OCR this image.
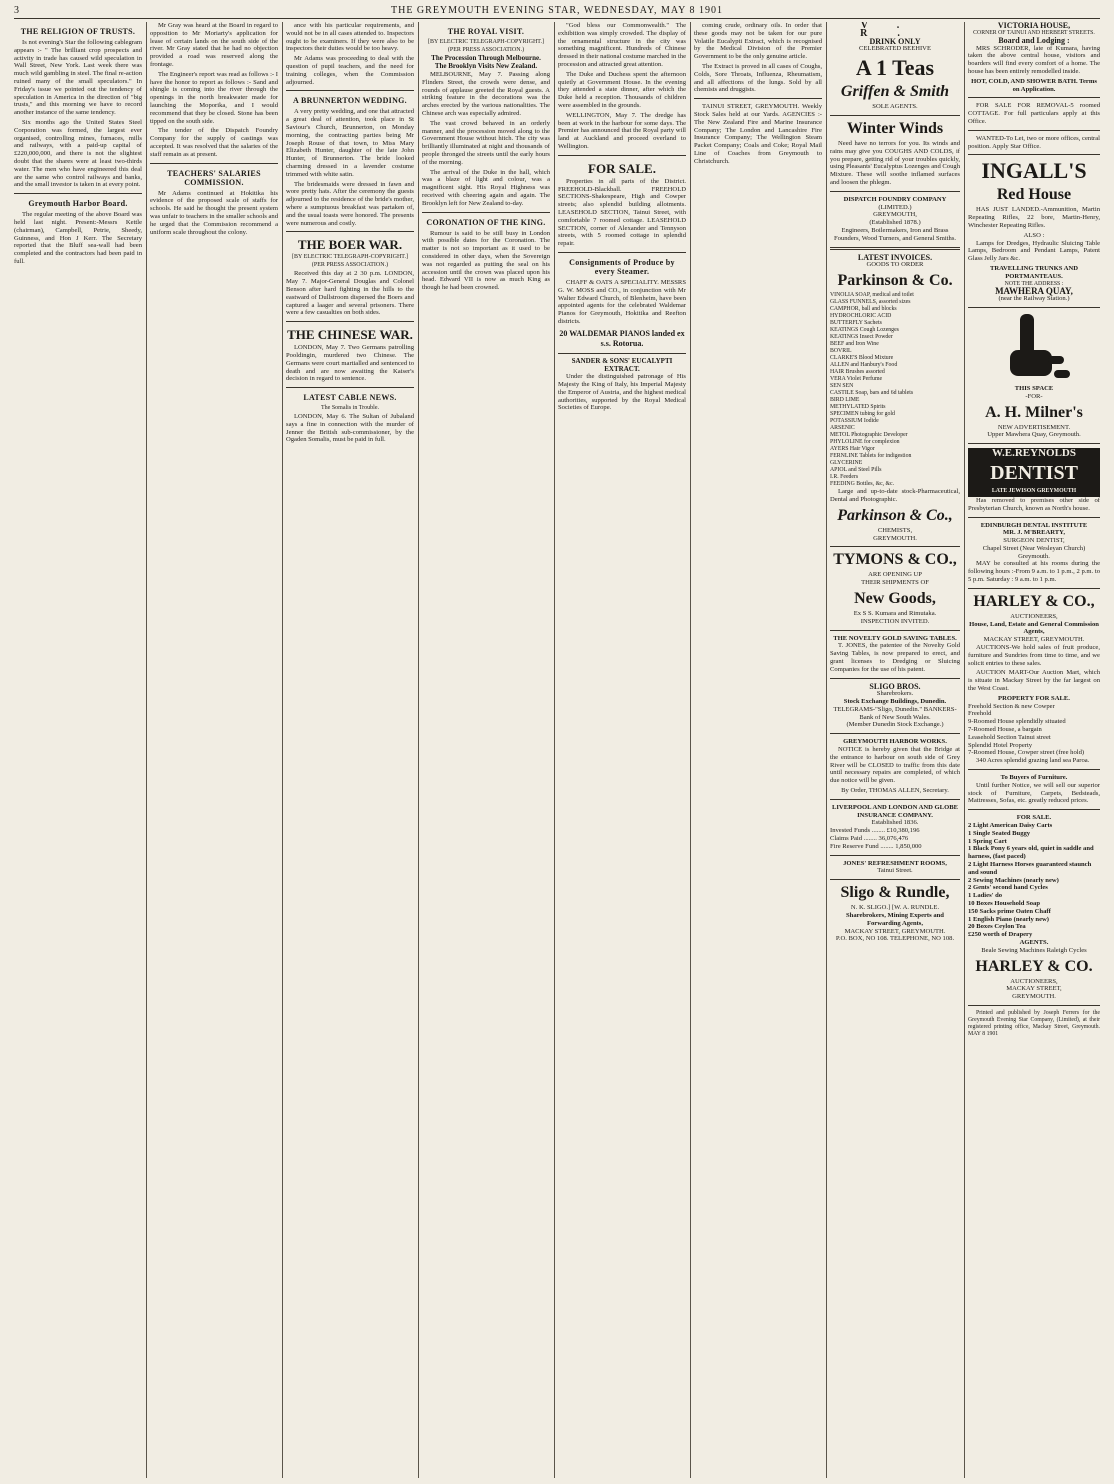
3	THE GREYMOUTH EVENING STAR, WEDNESDAY, MAY 8 1901
THE RELIGION OF TRUSTS.

Is not evening's Star the following cablegram appears :- " The brilliant crop prospects and activity in trade has caused wild speculation in Wall Street, New York. Last week there was much wild gambling in steel. The final re-action ruined many of the small speculators." In Friday's issue we pointed out the tendency of speculation in America in the direction of "big trusts," and this morning we have to record another instance of the same tendency.

Six months ago the United States Steel Corporation was formed, the largest ever organised, controlling mines, furnaces, mills and railways, with a paid-up capital of £220,000,000, and there is not the slightest doubt that the shares were at least two-thirds water. The men who have engineered this deal are the same who control railways and banks, and the small investor is taken in at every point.

Greymouth Harbor Board.

The regular meeting of the above Board was held last night. Present:-Messrs Kettle (chairman), Campbell, Petrie, Sheedy, Guinness, and Hon J Kerr. The Secretary reported that the Bluff sea-wall had been completed and the contractors had been paid in full.

Mr Gray was heard at the Board in regard to opposition to Mr Moriarty's application for lease of certain lands on the south side of the river. Mr Gray stated that he had no objection provided a road was reserved along the frontage.

The Engineer's report was read as follows :- I have the honor to report as follows :- Sand and shingle is coming into the river through the openings in the north breakwater made for launching the Moporika, and I would recommend that they be closed. Stone has been tipped on the south side.

The tender of the Dispatch Foundry Company for the supply of castings was accepted. It was resolved that the salaries of the staff remain as at present.

TEACHERS' SALARIES COMMISSION.

Mr Adams continued at Hokitika his evidence of the proposed scale of staffs for schools. He said he thought the present system was unfair to teachers in the smaller schools and he urged that the Commission recommend a uniform scale throughout the colony.

ance with his particular requirements, and would not be in all cases attended to. Inspectors ought to be examiners. If they were also to be inspectors their duties would be too heavy.

Mr Adams was proceeding to deal with the question of pupil teachers, and the need for training colleges, when the Commission adjourned.

A BRUNNERTON WEDDING.

A very pretty wedding, and one that attracted a great deal of attention, took place in St Saviour's Church, Brunnerton, on Monday morning, the contracting parties being Mr Joseph Rouse of that town, to Miss Mary Elizabeth Hunter, daughter of the late John Hunter, of Brunnerton. The bride looked charming dressed in a lavender costume trimmed with white satin.

The bridesmaids were dressed in fawn and wore pretty hats. After the ceremony the guests adjourned to the residence of the bride's mother, where a sumptuous breakfast was partaken of, and the usual toasts were honored. The presents were numerous and costly.

THE BOER WAR.
[BY ELECTRIC TELEGRAPH-COPYRIGHT.]
(PER PRESS ASSOCIATION.)

Received this day at 2 30 p.m. LONDON, May 7. Major-General Douglas and Colonel Benson after hard fighting in the hills to the eastward of Dullstroom dispersed the Boers and captured a laager and several prisoners. There were a few casualties on both sides.

THE CHINESE WAR.

LONDON, May 7. Two Germans patrolling Pooldingin, murdered two Chinese. The Germans were court martialled and sentenced to death and are now awaiting the Kaiser's decision in regard to sentence.

LATEST CABLE NEWS.
The Somalis in Trouble.

LONDON, May 6. The Sultan of Jubaland says a fine in connection with the murder of Jenner the British sub-commissioner, by the Ogaden Somalis, must be paid in full.

THE ROYAL VISIT.
[BY ELECTRIC TELEGRAPH-COPYRIGHT.]
(PER PRESS ASSOCIATION.)
The Procession Through Melbourne.
The Brooklyn Visits New Zealand.

MELBOURNE, May 7. Passing along Flinders Street, the crowds were dense, and rounds of applause greeted the Royal guests. A striking feature in the decorations was the arches erected by the various nationalities. The Chinese arch was especially admired.

The vast crowd behaved in an orderly manner, and the procession moved along to the Government House without hitch. The city was brilliantly illuminated at night and thousands of people thronged the streets until the early hours of the morning.

The arrival of the Duke in the hall, which was a blaze of light and colour, was a magnificent sight. His Royal Highness was received with cheering again and again. The Brooklyn left for New Zealand to-day.

CORONATION OF THE KING.

Rumour is said to be still busy in London with possible dates for the Coronation. The matter is not so important as it used to be considered in other days, when the Sovereign was not regarded as putting the seal on his accession until the crown was placed upon his head. Edward VII is now as much King as though he had been crowned.

"God bless our Commonwealth." The exhibition was simply crowded. The display of the ornamental structure in the city was something magnificent. Hundreds of Chinese dressed in their national costume marched in the procession and attracted great attention.

The Duke and Duchess spent the afternoon quietly at Government House. In the evening they attended a state dinner, after which the Duke held a reception. Thousands of children were assembled in the grounds.

WELLINGTON, May 7. The dredge has been at work in the harbour for some days. The Premier has announced that the Royal party will land at Auckland and proceed overland to Wellington.

FOR SALE.

Properties in all parts of the District. FREEHOLD-Blackball. FREEHOLD SECTIONS-Shakespeare, High and Cowper streets; also splendid building allotments. LEASEHOLD SECTION, Tainui Street, with comfortable 7 roomed cottage. LEASEHOLD SECTION, corner of Alexander and Tennyson streets, with 5 roomed cottage in splendid repair.

Consignments of Produce by every Steamer.

CHAFF & OATS A SPECIALITY. MESSRS G. W. MOSS and CO., in conjunction with Mr Walter Edward Church, of Blenheim, have been appointed agents for the celebrated Waldemar Pianos for Greymouth, Hokitika and Reefton districts.

20 WALDEMAR PIANOS landed ex s.s. Rotorua.
SANDER & SONS' EUCALYPTI EXTRACT.

Under the distinguished patronage of His Majesty the King of Italy, his Imperial Majesty the Emperor of Austria, and the highest medical authorities, supported by the Royal Medical Societies of Europe.

coming crude, ordinary oils. In order that these goods may not be taken for our pure Volatile Eucalypti Extract, which is recognised by the Medical Division of the Premier Government to be the only genuine article.

The Extract is proved in all cases of Coughs, Colds, Sore Throats, Influenza, Rheumatism, and all affections of the lungs. Sold by all chemists and druggists.

TAINUI STREET, GREYMOUTH. Weekly Stock Sales held at our Yards. AGENCIES :-The New Zealand Fire and Marine Insurance Company; The London and Lancashire Fire Insurance Company; The Wellington Steam Packet Company; Coals and Coke; Royal Mail Line of Coaches from Greymouth to Christchurch.

V. R.
DRINK ONLY
CELEBRATED BEEHIVE
A 1 Teas
Griffen & Smith
SOLE AGENTS.
Winter Winds

Need have no terrors for you. Its winds and rains may give you COUGHS AND COLDS, if you prepare, getting rid of your troubles quickly, using Pleasants' Eucalyptus Lozenges and Cough Mixture. These will soothe inflamed surfaces and loosen the phlegm.

DISPATCH FOUNDRY COMPANY
(LIMITED.)
GREYMOUTH,
(Established 1878.)
Engineers, Boilermakers, Iron and Brass Founders, Wood Turners, and General Smiths.
LATEST INVOICES.
GOODS TO ORDER
Parkinson & Co.
VINOLIA SOAP, medical and toilet
GLASS FUNNELS, assorted sizes
CAMPHOR, ball and blocks
HYDROCHLORIC ACID
BUTTERFLY Sachets
KEATINGS Cough Lozenges
KEATINGS Insect Powder
BEEF and Iron Wine
BOVRIL
CLARKE'S Blood Mixture
ALLEN and Hanbury's Food
HAIR Brushes assorted
VERA Violet Perfume
SEN SEN
CASTILE Soap, bars and 6d tablets
BIRD LIME
METHYLATED Spirits
SPECIMEN tubing for gold
POTASSIUM Iodide
ARSENIC
METOL Photographic Developer
PHYLOLINE for complexion
AYERS Hair Vigor
FERNLINE Tablets for indigestion
GLYCERINE
APIOL and Steel Pills
I.R. Feeders
FEEDING Bottles, &c, &c.

Large and up-to-date stock-Pharmaceutical, Dental and Photographic.

Parkinson & Co.,
CHEMISTS,
GREYMOUTH.
TYMONS & CO.,
ARE OPENING UP
THEIR SHIPMENTS OF
New Goods,
Ex S S. Kumara and Rimutaka.
INSPECTION INVITED.
THE NOVELTY GOLD SAVING TABLES.

T. JONES, the patentee of the Novelty Gold Saving Tables, is now prepared to erect, and grant licenses to Dredging or Sluicing Companies for the use of his patent.

SLIGO BROS.
Sharebrokers.
Stock Exchange Buildings, Dunedin.
TELEGRAMS-"Sligo, Dunedin." BANKERS-Bank of New South Wales.
(Member Dunedin Stock Exchange.)
GREYMOUTH HARBOR WORKS.

NOTICE is hereby given that the Bridge at the entrance to harbour on south side of Grey River will be CLOSED to traffic from this date until necessary repairs are completed, of which due notice will be given.

By Order, THOMAS ALLEN, Secretary.
LIVERPOOL AND LONDON AND GLOBE INSURANCE COMPANY.
Established 1836.
Invested Funds ........ £10,380,196
Claims Paid ........ 36,076,476
Fire Reserve Fund ........ 1,850,000
JONES' REFRESHMENT ROOMS,
Tainui Street.
Sligo & Rundle,
N. K. SLIGO.] [W. A. RUNDLE.
Sharebrokers, Mining Experts and Forwarding Agents,
MACKAY STREET, GREYMOUTH.
P.O. BOX, NO 108. TELEPHONE, NO 108.
VICTORIA HOUSE,
CORNER OF TAINUI AND HERBERT STREETS.
Board and Lodging :

MRS SCHRODER, late of Kumara, having taken the above central house, visitors and boarders will find every comfort of a home. The house has been entirely remodelled inside.

HOT, COLD, AND SHOWER BATH. Terms on Application.

FOR SALE FOR REMOVAL-5 roomed COTTAGE. For full particulars apply at this Office.

WANTED-To Let, two or more offices, central position. Apply Star Office.

INGALL'S
Red House

HAS JUST LANDED.-Ammunition, Martin Repeating Rifles, 22 bore, Martin-Henry, Winchester Repeating Rifles.

ALSO :

Lamps for Dredges, Hydraulic Sluicing Table Lamps, Bedroom and Pendant Lamps, Patent Glass Jelly Jars &c.

TRAVELLING TRUNKS AND PORTMANTEAUS.
NOTE THE ADDRESS :
MAWHERA QUAY,
(near the Railway Station.)
THIS SPACE
-FOR-
A. H. Milner's
NEW ADVERTISEMENT.
Upper Mawhera Quay, Greymouth.
W.E.REYNOLDS
DENTIST
LATE JEWISON GREYMOUTH

Has removed to premises other side of Presbyterian Church, known as North's house.

EDINBURGH DENTAL INSTITUTE
MR. J. M'BREARTY,
SURGEON DENTIST,
Chapel Street (Near Wesleyan Church) Greymouth.

MAY be consulted at his rooms during the following hours :-From 9 a.m. to 1 p.m., 2 p.m. to 5 p.m. Saturday : 9 a.m. to 1 p.m.

HARLEY & CO.,
AUCTIONEERS,
House, Land, Estate and General Commission Agents,
MACKAY STREET, GREYMOUTH.

AUCTIONS-We hold sales of fruit produce, furniture and Sundries from time to time, and we solicit entries to these sales.

AUCTION MART-Our Auction Mart, which is situate in Mackay Street by the far largest on the West Coast.

PROPERTY FOR SALE.
Freehold Section & new Cowper
Freehold
9-Roomed House splendidly situated
7-Roomed House, a bargain
Leasehold Section Tainui street
Splendid Hotel Property
7-Roomed House, Cowper street (free hold)

340 Acres splendid grazing land sea Paroa.

To Buyers of Furniture.

Until further Notice, we will sell our superior stock of Furniture, Carpets, Bedsteads, Mattresses, Sofas, etc. greatly reduced prices.

FOR SALE.
2 Light American Daisy Carts
1 Single Seated Buggy
1 Spring Cart
1 Black Pony 6 years old, quiet in saddle and harness, (fast paced)
2 Light Harness Horses guaranteed staunch and sound
2 Sewing Machines (nearly new)
2 Gents' second hand Cycles
1 Ladies' do
10 Boxes Household Soap
150 Sacks prime Oaten Chaff
1 English Piano (nearly new)
20 Boxes Ceylon Tea
£250 worth of Drapery
AGENTS.
Beale Sewing Machines Raleigh Cycles
HARLEY & CO.
AUCTIONEERS,
MACKAY STREET,
GREYMOUTH.

Printed and published by Joseph Ferrers for the Greymouth Evening Star Company, (Limited), at their registered printing office, Mackay Street, Greymouth. MAY 8 1901
